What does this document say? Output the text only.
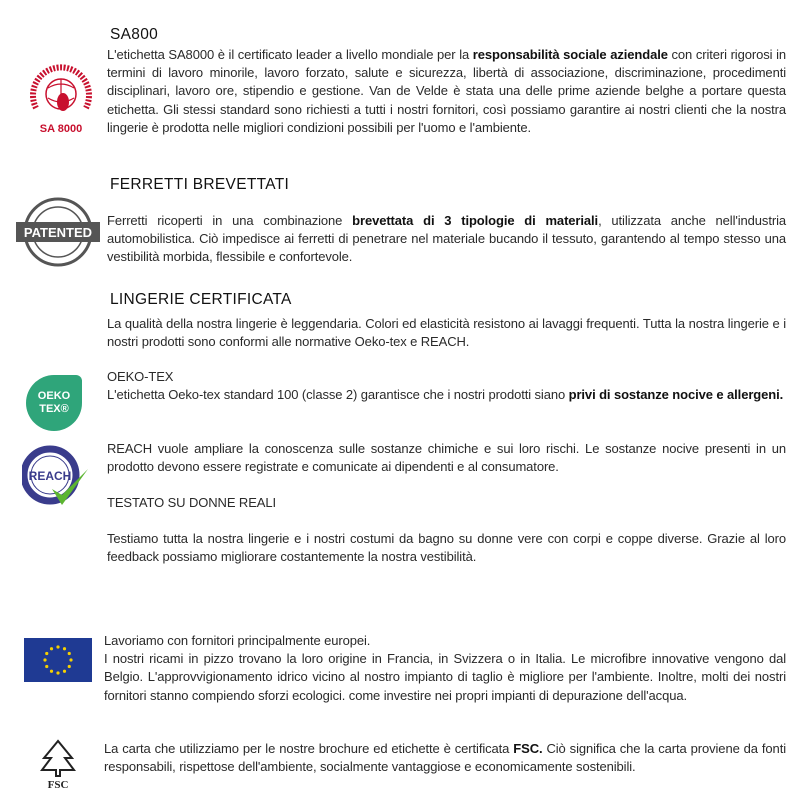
SA 8000
SA800
L'etichetta SA8000 è il certificato leader a livello mondiale per la responsabilità sociale aziendale con criteri rigorosi in termini di lavoro minorile, lavoro forzato, salute e sicurezza, libertà di associazione, discriminazione, procedimenti disciplinari, lavoro ore, stipendio e gestione. Van de Velde è stata una delle prime aziende belghe a portare questa etichetta. Gli stessi standard sono richiesti a tutti i nostri fornitori, così possiamo garantire ai nostri clienti che la nostra lingerie è prodotta nelle migliori condizioni possibili per l'uomo e l'ambiente.
PATENTED
FERRETTI BREVETTATI
Ferretti ricoperti in una combinazione brevettata di 3 tipologie di materiali, utilizzata anche nell'industria automobilistica. Ciò impedisce ai ferretti di penetrare nel materiale bucando il tessuto, garantendo al tempo stesso una vestibilità morbida, flessibile e confortevole.
LINGERIE CERTIFICATA
La qualità della nostra lingerie è leggendaria. Colori ed elasticità resistono ai lavaggi frequenti. Tutta la nostra lingerie e i nostri prodotti sono conformi alle normative Oeko-tex e REACH.
OEKO
TEX®
OEKO-TEX
L'etichetta Oeko-tex standard 100 (classe 2) garantisce che i nostri prodotti siano privi di sostanze nocive e allergeni.
REACH
REACH vuole ampliare la conoscenza sulle sostanze chimiche e sui loro rischi. Le sostanze nocive presenti in un prodotto devono essere registrate e comunicate ai dipendenti e al consumatore.
TESTATO SU DONNE REALI
Testiamo tutta la nostra lingerie e i nostri costumi da bagno su donne vere con corpi e coppe diverse. Grazie al loro feedback possiamo migliorare costantemente la nostra vestibilità.
Lavoriamo con fornitori principalmente europei.
I nostri ricami in pizzo trovano la loro origine in Francia, in Svizzera o in Italia. Le microfibre innovative vengono dal Belgio. L'approvvigionamento idrico vicino al nostro impianto di taglio è migliore per l'ambiente. Inoltre, molti dei nostri fornitori stanno compiendo sforzi ecologici. come investire nei propri impianti di depurazione dell'acqua.
FSC
La carta che utilizziamo per le nostre brochure ed etichette è certificata FSC. Ciò significa che la carta proviene da fonti responsabili, rispettose dell'ambiente, socialmente vantaggiose e economicamente sostenibili.
